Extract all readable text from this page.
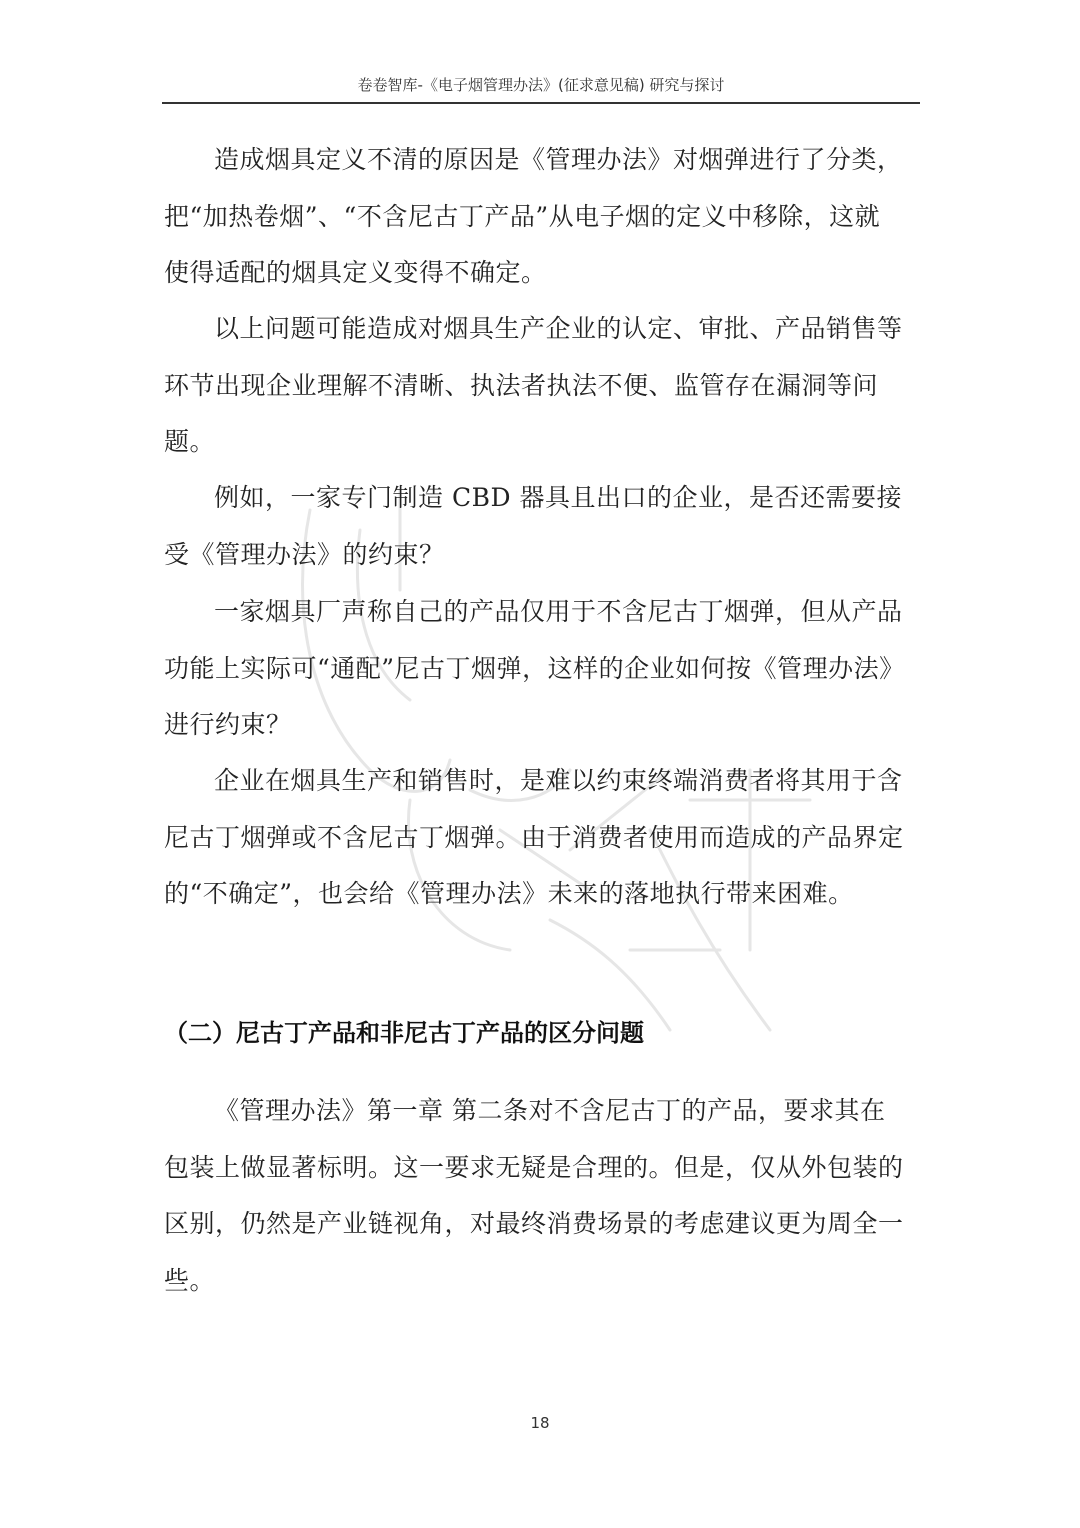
卷卷智库-《电子烟管理办法》(征求意见稿) 研究与探讨

造成烟具定义不清的原因是《管理办法》对烟弹进行了分类，把“加热卷烟”、“不含尼古丁产品”从电子烟的定义中移除，这就使得适配的烟具定义变得不确定。

以上问题可能造成对烟具生产企业的认定、审批、产品销售等环节出现企业理解不清晰、执法者执法不便、监管存在漏洞等问题。

例如，一家专门制造 CBD 器具且出口的企业，是否还需要接受《管理办法》的约束？

一家烟具厂声称自己的产品仅用于不含尼古丁烟弹，但从产品功能上实际可“通配”尼古丁烟弹，这样的企业如何按《管理办法》进行约束？

企业在烟具生产和销售时，是难以约束终端消费者将其用于含尼古丁烟弹或不含尼古丁烟弹。由于消费者使用而造成的产品界定的“不确定”，也会给《管理办法》未来的落地执行带来困难。

（二）尼古丁产品和非尼古丁产品的区分问题

《管理办法》第一章 第二条对不含尼古丁的产品，要求其在包装上做显著标明。这一要求无疑是合理的。但是，仅从外包装的区别，仍然是产业链视角，对最终消费场景的考虑建议更为周全一些。

18
